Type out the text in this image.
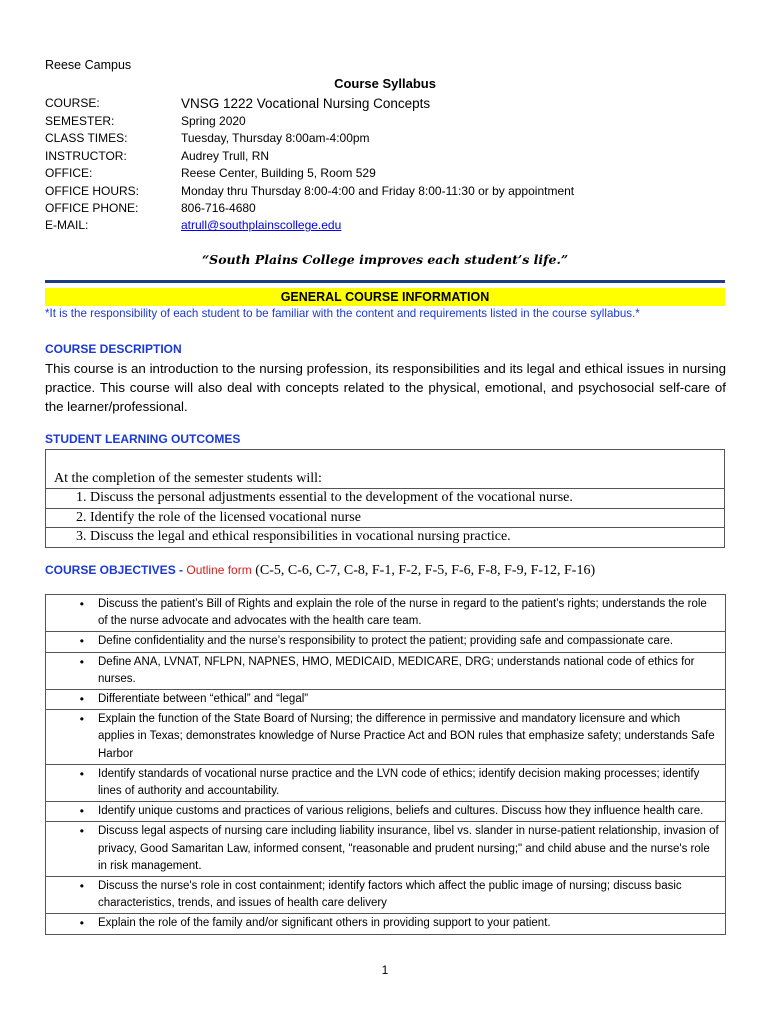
Reese Campus
Course Syllabus
COURSE:	VNSG 1222 Vocational Nursing Concepts
SEMESTER:	Spring 2020
CLASS TIMES:	Tuesday, Thursday 8:00am-4:00pm
INSTRUCTOR:	Audrey Trull, RN
OFFICE:	Reese Center, Building 5, Room 529
OFFICE HOURS:	Monday thru Thursday 8:00-4:00 and Friday 8:00-11:30 or by appointment
OFFICE PHONE:	806-716-4680
E-MAIL:	atrull@southplainscollege.edu
“South Plains College improves each student’s life.”
GENERAL COURSE INFORMATION
*It is the responsibility of each student to be familiar with the content and requirements listed in the course syllabus.*
COURSE DESCRIPTION
This course is an introduction to the nursing profession, its responsibilities and its legal and ethical issues in nursing practice. This course will also deal with concepts related to the physical, emotional, and psychosocial self-care of the learner/professional.
STUDENT LEARNING OUTCOMES
At the completion of the semester students will:
1. Discuss the personal adjustments essential to the development of the vocational nurse.
2. Identify the role of the licensed vocational nurse
3. Discuss the legal and ethical responsibilities in vocational nursing practice.
COURSE OBJECTIVES - Outline form (C-5, C-6, C-7, C-8, F-1, F-2, F-5, F-6, F-8, F-9, F-12, F-16)
•	Discuss the patient’s Bill of Rights and explain the role of the nurse in regard to the patient’s rights; understands the role of the nurse advocate and advocates with the health care team.
•	Define confidentiality and the nurse’s responsibility to protect the patient; providing safe and compassionate care.
•	Define ANA, LVNAT, NFLPN, NAPNES, HMO, MEDICAID, MEDICARE, DRG; understands national code of ethics for nurses.
•	Differentiate between “ethical” and “legal”
•	Explain the function of the State Board of Nursing; the difference in permissive and mandatory licensure and which applies in Texas; demonstrates knowledge of Nurse Practice Act and BON rules that emphasize safety; understands Safe Harbor
•	Identify standards of vocational nurse practice and the LVN code of ethics; identify decision making processes; identify lines of authority and accountability.
•	Identify unique customs and practices of various religions, beliefs and cultures. Discuss how they influence health care.
•	Discuss legal aspects of nursing care including liability insurance, libel vs. slander in nurse-patient relationship, invasion of privacy, Good Samaritan Law, informed consent, "reasonable and prudent nursing;" and child abuse and the nurse's role in risk management.
•	Discuss the nurse's role in cost containment; identify factors which affect the public image of nursing; discuss basic characteristics, trends, and issues of health care delivery
•	Explain the role of the family and/or significant others in providing support to your patient.
1
